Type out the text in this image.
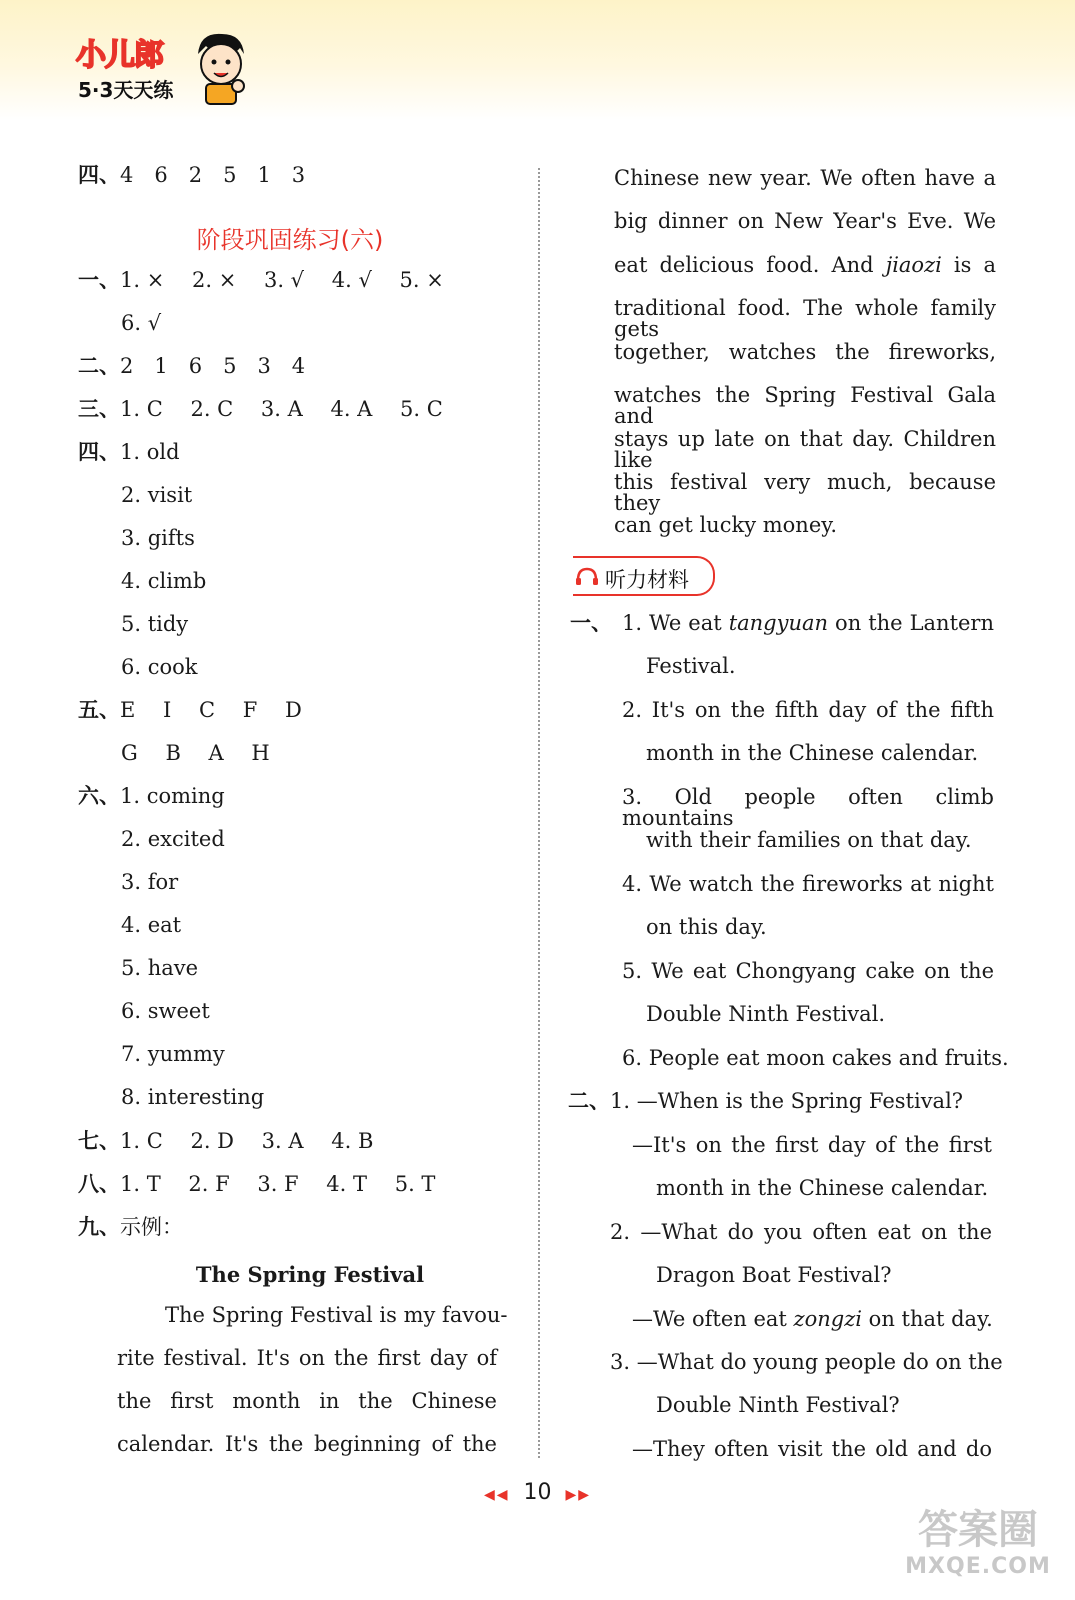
小儿郎
5·3天天练
四、4　6　2　5　1　3
阶段巩固练习(六)
一、1. ×　 2. ×　 3. √　 4. √　 5. ×
6. √
二、2　1　6　5　3　4
三、1. C　 2. C　 3. A　 4. A　 5. C
四、1. old
2. visit
3. gifts
4. climb
5. tidy
6. cook
五、E　 I　 C　 F　 D
G　 B　 A　 H
六、1. coming
2. excited
3. for
4. eat
5. have
6. sweet
7. yummy
8. interesting
七、1. C　 2. D　 3. A　 4. B
八、1. T　 2. F　 3. F　 4. T　 5. T
九、示例：
The Spring Festival
The Spring Festival is my favou-
rite festival. It's on the first day of
the first month in the Chinese
calendar. It's the beginning of the
Chinese new year. We often have a
big dinner on New Year's Eve. We
eat delicious food. And jiaozi is a
traditional food. The whole family gets
together, watches the fireworks,
watches the Spring Festival Gala and
stays up late on that day. Children like
this festival very much, because they
can get lucky money.
听力材料
一、 1. We eat tangyuan on the Lantern
Festival.
2. It's on the fifth day of the fifth
month in the Chinese calendar.
3. Old people often climb mountains
with their families on that day.
4. We watch the fireworks at night
on this day.
5. We eat Chongyang cake on the
Double Ninth Festival.
6. People eat moon cakes and fruits.
二、 1. —When is the Spring Festival?
—It's on the first day of the first
month in the Chinese calendar.
2. —What do you often eat on the
Dragon Boat Festival?
—We often eat zongzi on that day.
3. —What do young people do on the
Double Ninth Festival?
—They often visit the old and do
◀◀ 10 ▶▶
答案圈
MXQE.COM
